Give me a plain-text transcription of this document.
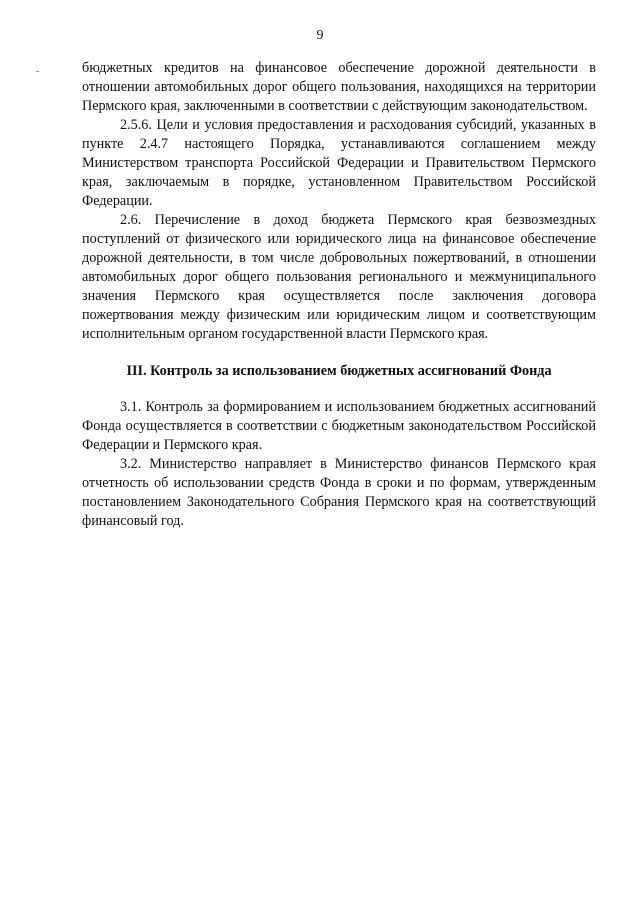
9

бюджетных кредитов на финансовое обеспечение дорожной деятельности в отношении автомобильных дорог общего пользования, находящихся на территории Пермского края, заключенными в соответствии с действующим законодательством.

2.5.6. Цели и условия предоставления и расходования субсидий, указанных в пункте 2.4.7 настоящего Порядка, устанавливаются соглашением между Министерством транспорта Российской Федерации и Правительством Пермского края, заключаемым в порядке, установленном Правительством Российской Федерации.

2.6. Перечисление в доход бюджета Пермского края безвозмездных поступлений от физического или юридического лица на финансовое обеспечение дорожной деятельности, в том числе добровольных пожертвований, в отношении автомобильных дорог общего пользования регионального и межмуниципального значения Пермского края осуществляется после заключения договора пожертвования между физическим или юридическим лицом и соответствующим исполнительным органом государственной власти Пермского края.

III. Контроль за использованием бюджетных ассигнований Фонда

3.1. Контроль за формированием и использованием бюджетных ассигнований Фонда осуществляется в соответствии с бюджетным законодательством Российской Федерации и Пермского края.

3.2. Министерство направляет в Министерство финансов Пермского края отчетность об использовании средств Фонда в сроки и по формам, утвержденным постановлением Законодательного Собрания Пермского края на соответствующий финансовый год.
